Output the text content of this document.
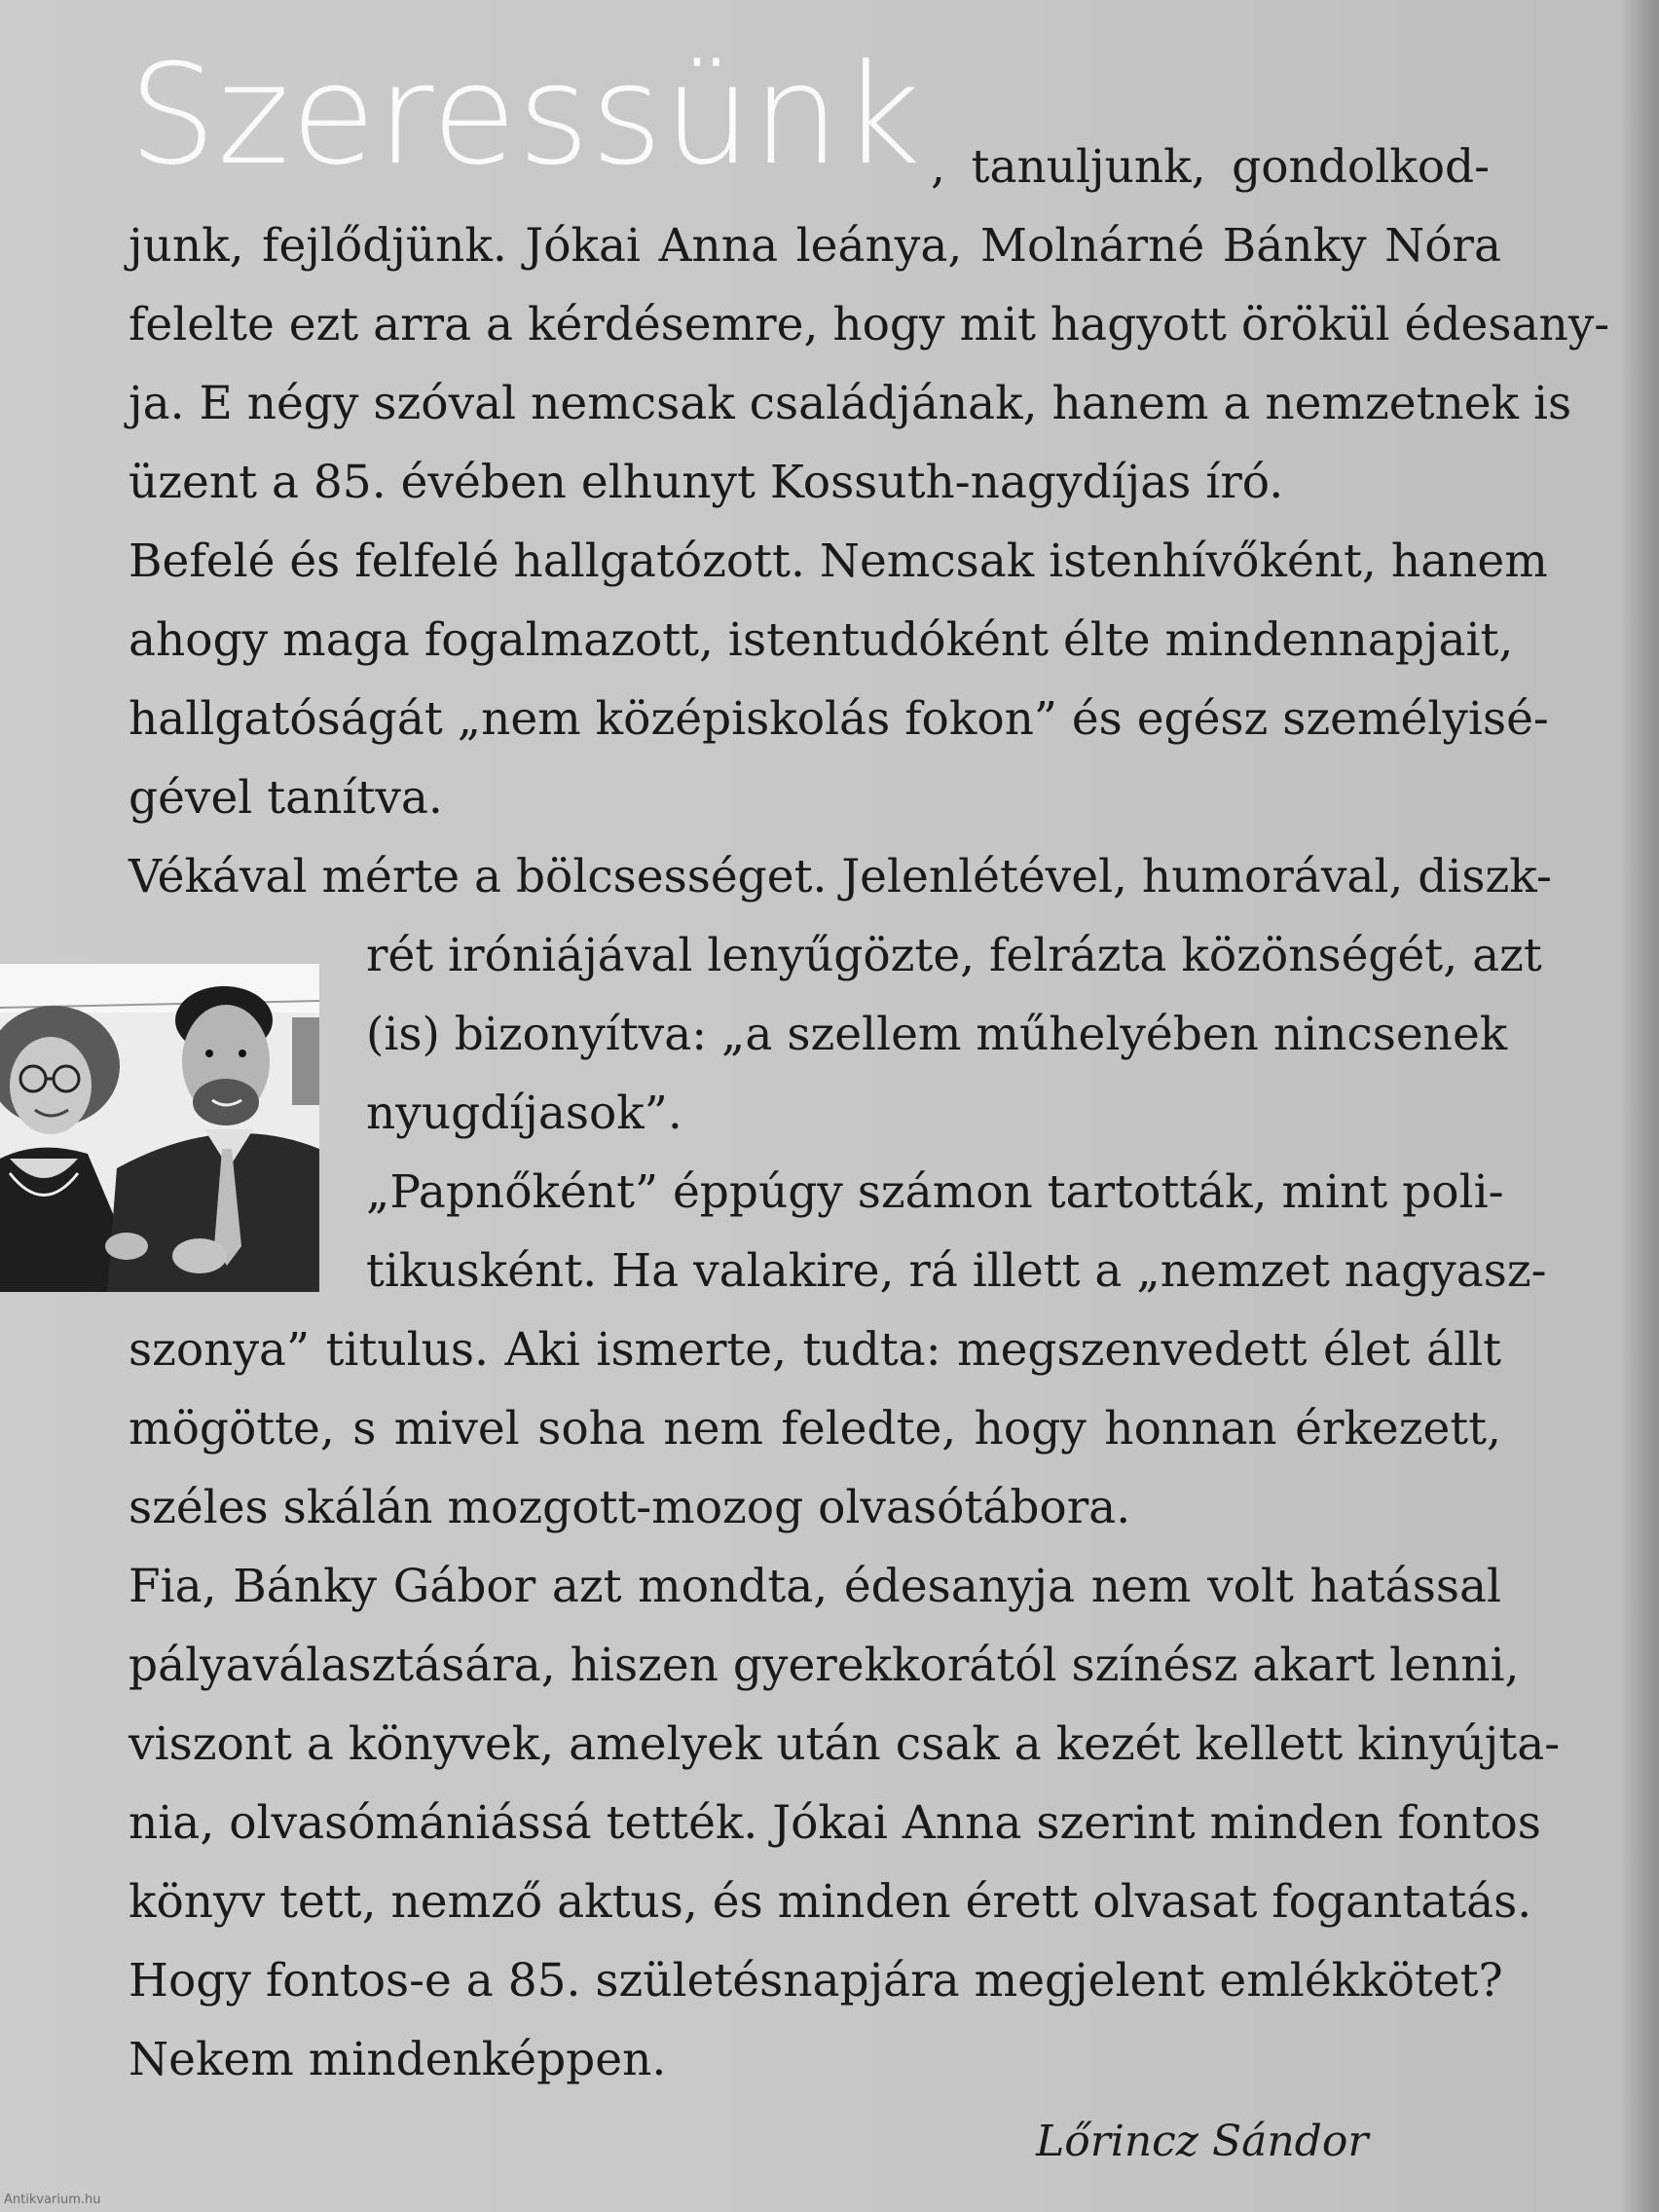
Szeressünk , tanuljunk, gondolkod-
junk, fejlődjünk. Jókai Anna leánya, Molnárné Bánky Nóra
felelte ezt arra a kérdésemre, hogy mit hagyott örökül édesany-
ja. E négy szóval nemcsak családjának, hanem a nemzetnek is
üzent a 85. évében elhunyt Kossuth-nagydíjas író.
Befelé és felfelé hallgatózott. Nemcsak istenhívőként, hanem
ahogy maga fogalmazott, istentudóként élte mindennapjait,
hallgatóságát „nem középiskolás fokon” és egész személyisé-
gével tanítva.
Vékával mérte a bölcsességet. Jelenlétével, humorával, diszk-
rét iróniájával lenyűgözte, felrázta közönségét, azt
(is) bizonyítva: „a szellem műhelyében nincsenek
nyugdíjasok”.
„Papnőként” éppúgy számon tartották, mint poli-
tikusként. Ha valakire, rá illett a „nemzet nagyasz-
szonya” titulus. Aki ismerte, tudta: megszenvedett élet állt
mögötte, s mivel soha nem feledte, hogy honnan érkezett,
széles skálán mozgott-mozog olvasótábora.
Fia, Bánky Gábor azt mondta, édesanyja nem volt hatással
pályaválasztására, hiszen gyerekkorától színész akart lenni,
viszont a könyvek, amelyek után csak a kezét kellett kinyújta-
nia, olvasómániássá tették. Jókai Anna szerint minden fontos
könyv tett, nemző aktus, és minden érett olvasat fogantatás.
Hogy fontos-e a 85. születésnapjára megjelent emlékkötet?
Nekem mindenképpen.
Lőrincz Sándor
Antikvarium.hu
